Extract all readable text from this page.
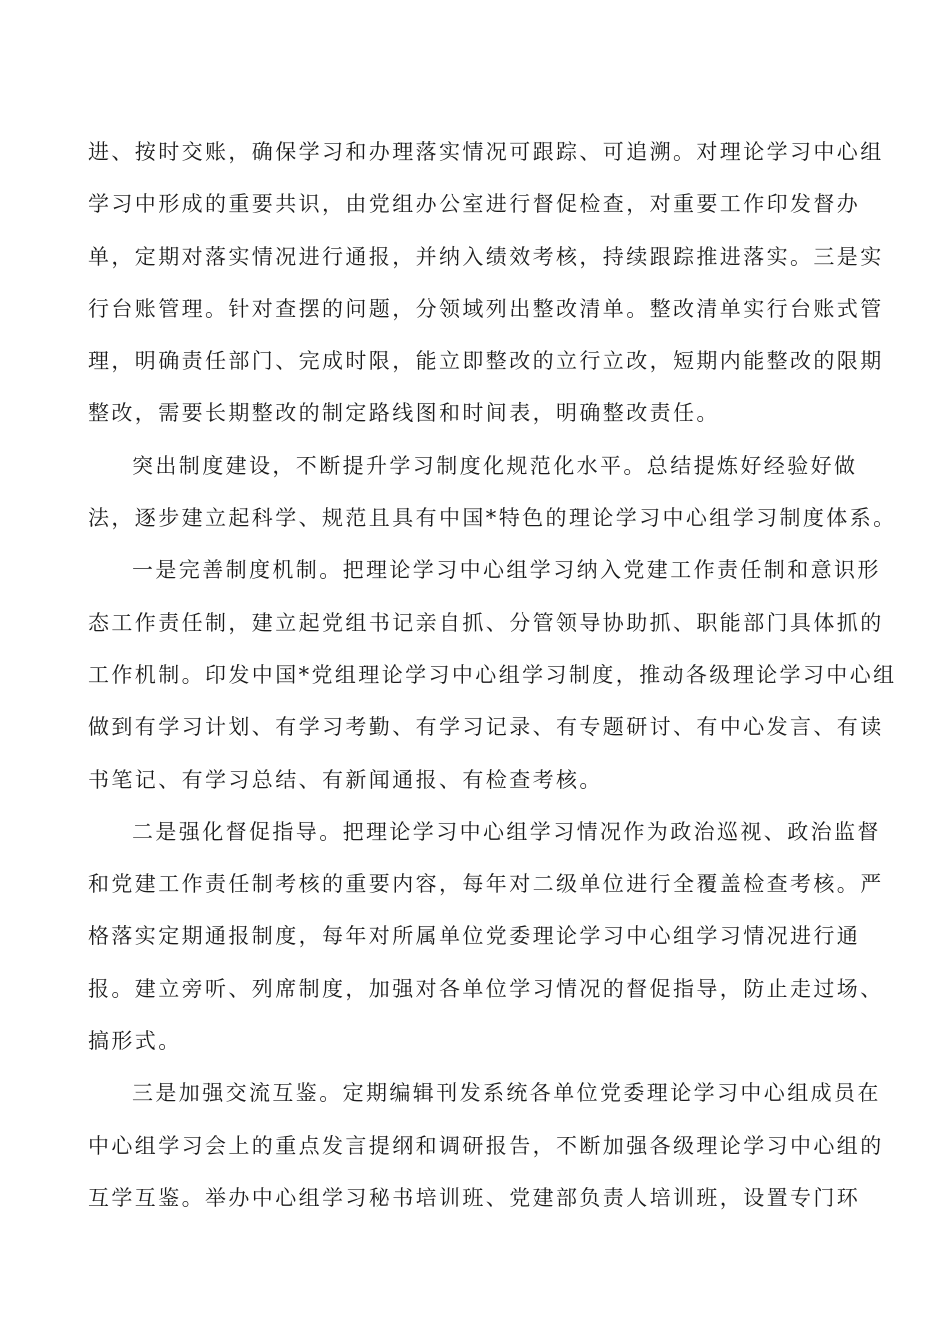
进、按时交账，确保学习和办理落实情况可跟踪、可追溯。对理论学习中心组
学习中形成的重要共识，由党组办公室进行督促检查，对重要工作印发督办
单，定期对落实情况进行通报，并纳入绩效考核，持续跟踪推进落实。三是实
行台账管理。针对查摆的问题，分领域列出整改清单。整改清单实行台账式管
理，明确责任部门、完成时限，能立即整改的立行立改，短期内能整改的限期
整改，需要长期整改的制定路线图和时间表，明确整改责任。
突出制度建设，不断提升学习制度化规范化水平。总结提炼好经验好做
法，逐步建立起科学、规范且具有中国*特色的理论学习中心组学习制度体系。
一是完善制度机制。把理论学习中心组学习纳入党建工作责任制和意识形
态工作责任制，建立起党组书记亲自抓、分管领导协助抓、职能部门具体抓的
工作机制。印发中国*党组理论学习中心组学习制度，推动各级理论学习中心组
做到有学习计划、有学习考勤、有学习记录、有专题研讨、有中心发言、有读
书笔记、有学习总结、有新闻通报、有检查考核。
二是强化督促指导。把理论学习中心组学习情况作为政治巡视、政治监督
和党建工作责任制考核的重要内容，每年对二级单位进行全覆盖检查考核。严
格落实定期通报制度，每年对所属单位党委理论学习中心组学习情况进行通
报。建立旁听、列席制度，加强对各单位学习情况的督促指导，防止走过场、
搞形式。
三是加强交流互鉴。定期编辑刊发系统各单位党委理论学习中心组成员在
中心组学习会上的重点发言提纲和调研报告，不断加强各级理论学习中心组的
互学互鉴。举办中心组学习秘书培训班、党建部负责人培训班，设置专门环
